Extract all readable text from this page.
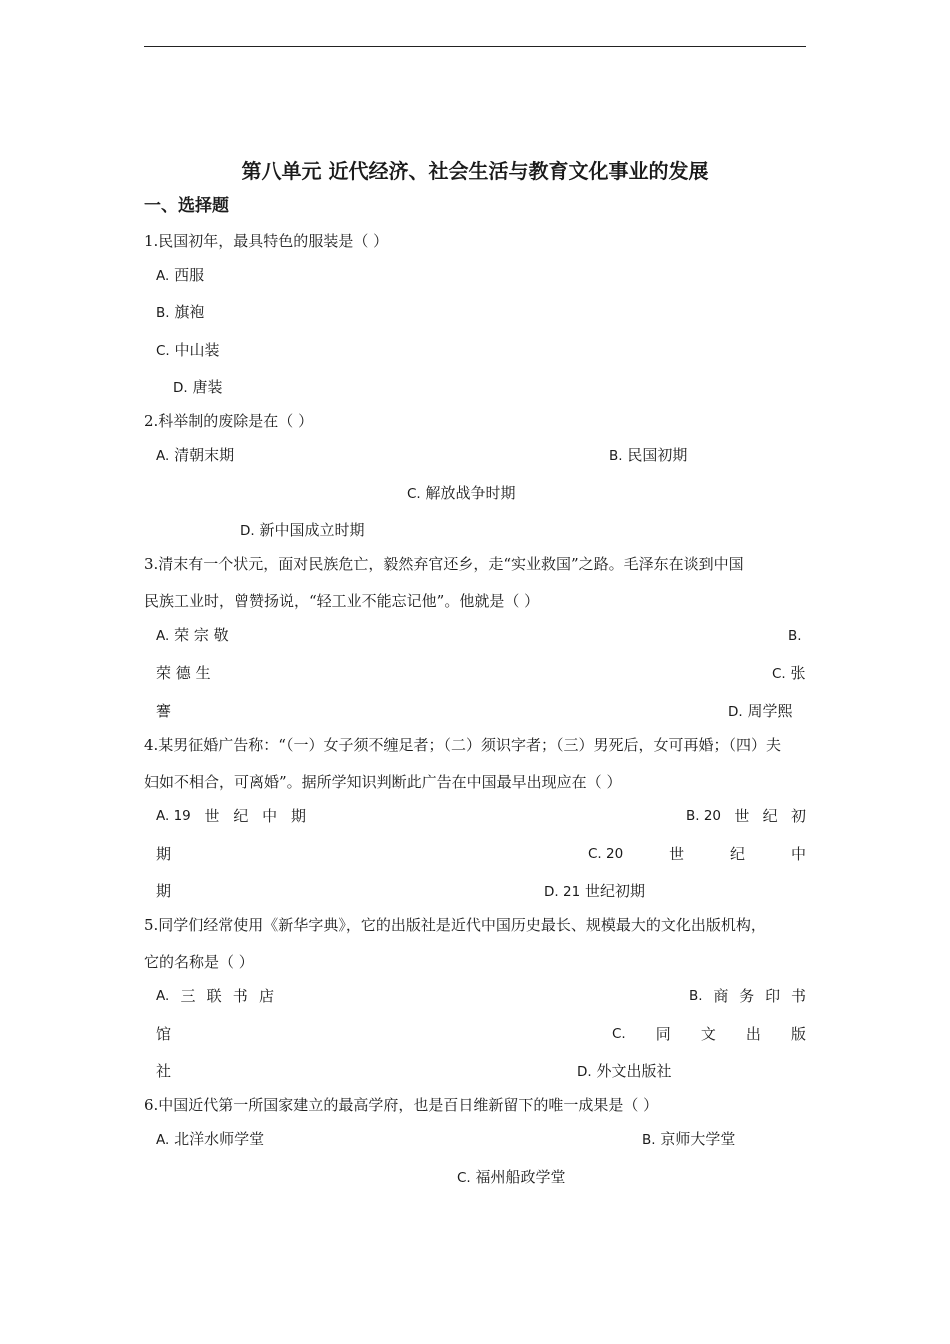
第八单元 近代经济、社会生活与教育文化事业的发展
一、选择题
1.民国初年，最具特色的服装是（ ）
A. 西服
B. 旗袍
C. 中山装
D. 唐装
2.科举制的废除是在（ ）
A. 清朝末期	B. 民国初期
C. 解放战争时期
D. 新中国成立时期
3.清末有一个状元，面对民族危亡，毅然弃官还乡，走“实业救国”之路。毛泽东在谈到中国
民族工业时，曾赞扬说，“轻工业不能忘记他”。他就是（ ）
A. 荣 宗 敬	B.
荣 德 生	C. 张
謇	D. 周学熙
4.某男征婚广告称：“（一）女子须不缠足者；（二）须识字者；（三）男死后，女可再婚；（四）夫
妇如不相合，可离婚”。据所学知识判断此广告在中国最早出现应在（ ）
A. 19 世 纪 中 期	B. 20 世 纪 初
期	C. 20	世	纪	中
期	D. 21 世纪初期
5.同学们经常使用《新华字典》，它的出版社是近代中国历史最长、规模最大的文化出版机构，
它的名称是（ ）
A. 三 联 书 店	B. 商 务 印 书
馆	C. 同 文 出 版
社	D. 外文出版社
6.中国近代第一所国家建立的最高学府，也是百日维新留下的唯一成果是（ ）
A. 北洋水师学堂	B. 京师大学堂
C. 福州船政学堂
